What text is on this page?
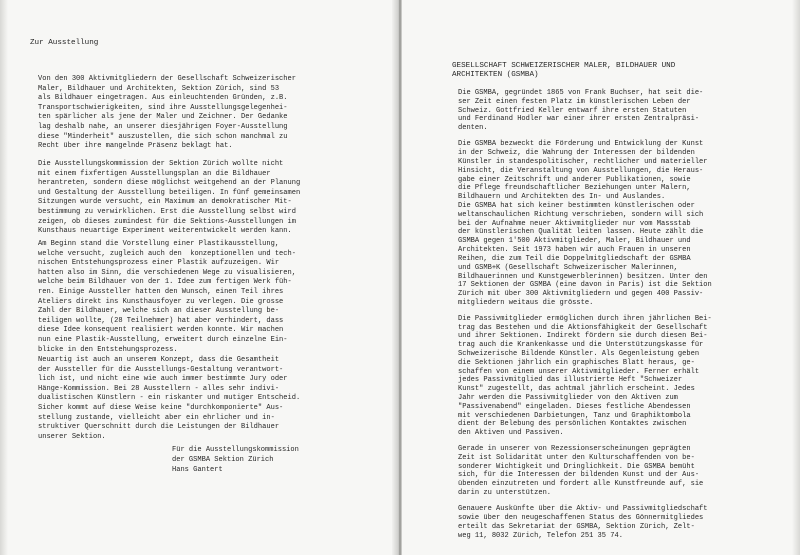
Zur Ausstellung

Von den 300 Aktivmitgliedern der Gesellschaft Schweizerischer
Maler, Bildhauer und Architekten, Sektion Zürich, sind 53
als Bildhauer eingetragen. Aus einleuchtenden Gründen, z.B.
Transportschwierigkeiten, sind ihre Ausstellungsgelegenhei-
ten spärlicher als jene der Maler und Zeichner. Der Gedanke
lag deshalb nahe, an unserer diesjährigen Foyer-Ausstellung
diese "Minderheit" auszustellen, die sich schon manchmal zu
Recht über ihre mangelnde Präsenz beklagt hat.

Die Ausstellungskommission der Sektion Zürich wollte nicht
mit einem fixfertigen Ausstellungsplan an die Bildhauer
herantreten, sondern diese möglichst weitgehend an der Planung
und Gestaltung der Ausstellung beteiligen. In fünf gemeinsamen
Sitzungen wurde versucht, ein Maximum an demokratischer Mit-
bestimmung zu verwirklichen. Erst die Ausstellung selbst wird
zeigen, ob dieses zumindest für die Sektions-Ausstellungen im
Kunsthaus neuartige Experiment weiterentwickelt werden kann.

Am Beginn stand die Vorstellung einer Plastikausstellung,
welche versucht, zugleich auch den  konzeptionellen und tech-
nischen Entstehungsprozess einer Plastik aufzuzeigen. Wir
hatten also im Sinn, die verschiedenen Wege zu visualisieren,
welche beim Bildhauer von der 1. Idee zum fertigen Werk füh-
ren. Einige Aussteller hatten den Wunsch, einen Teil ihres
Ateliers direkt ins Kunsthausfoyer zu verlegen. Die grosse
Zahl der Bildhauer, welche sich an dieser Ausstellung be-
teiligen wollte, (28 Teilnehmer) hat aber verhindert, dass
diese Idee konsequent realisiert werden konnte. Wir machen
nun eine Plastik-Ausstellung, erweitert durch einzelne Ein-
blicke in den Entstehungsprozess.

Neuartig ist auch an unserem Konzept, dass die Gesamtheit
der Aussteller für die Ausstellungs-Gestaltung verantwort-
lich ist, und nicht eine wie auch immer bestimmte Jury oder
Hänge-Kommission. Bei 28 Ausstellern - alles sehr indivi-
dualistischen Künstlern - ein riskanter und mutiger Entscheid.
Sicher kommt auf diese Weise keine "durchkomponierte" Aus-
stellung zustande, vielleicht aber ein ehrlicher und in-
struktiver Querschnitt durch die Leistungen der Bildhauer
unserer Sektion.

Für die Ausstellungskommission

der GSMBA Sektion Zürich

Hans Gantert

GESELLSCHAFT SCHWEIZERISCHER MALER, BILDHAUER UND
ARCHITEKTEN (GSMBA)

Die GSMBA, gegründet 1865 von Frank Buchser, hat seit die-
ser Zeit einen festen Platz im künstlerischen Leben der
Schweiz. Gottfried Keller entwarf ihre ersten Statuten
und Ferdinand Hodler war einer ihrer ersten Zentralpräsi-
denten.

Die GSMBA bezweckt die Förderung und Entwicklung der Kunst
in der Schweiz, die Wahrung der Interessen der bildenden
Künstler in standespolitischer, rechtlicher und materieller
Hinsicht, die Veranstaltung von Ausstellungen, die Heraus-
gabe einer Zeitschrift und anderer Publikationen, sowie
die Pflege freundschaftlicher Beziehungen unter Malern,
Bildhauern und Architekten des In- und Auslandes.
Die GSMBA hat sich keiner bestimmten künstlerischen oder
weltanschaulichen Richtung verschrieben, sondern will sich
bei der Aufnahme neuer Aktivmitglieder nur vom Massstab
der künstlerischen Qualität leiten lassen. Heute zählt die
GSMBA gegen 1'500 Aktivmitglieder, Maler, Bildhauer und
Architekten. Seit 1973 haben wir auch Frauen in unseren
Reihen, die zum Teil die Doppelmitgliedschaft der GSMBA
und GSMB+K (Gesellschaft Schweizerischer Malerinnen,
Bildhauerinnen und Kunstgewerblerinnen) besitzen. Unter den
17 Sektionen der GSMBA (eine davon in Paris) ist die Sektion
Zürich mit über 300 Aktivmitgliedern und gegen 400 Passiv-
mitgliedern weitaus die grösste.

Die Passivmitglieder ermöglichen durch ihren jährlichen Bei-
trag das Bestehen und die Aktionsfähigkeit der Gesellschaft
und ihrer Sektionen. Indirekt fördern sie durch diesen Bei-
trag auch die Krankenkasse und die Unterstützungskasse für
Schweizerische Bildende Künstler. Als Gegenleistung geben
die Sektionen jährlich ein graphisches Blatt heraus, ge-
schaffen von einem unserer Aktivmitglieder. Ferner erhält
jedes Passivmitglied das illustrierte Heft "Schweizer
Kunst" zugestellt, das achtmal jährlich erscheint. Jedes
Jahr werden die Passivmitglieder von den Aktiven zum
"Passivenabend" eingeladen. Dieses festliche Abendessen
mit verschiedenen Darbietungen, Tanz und Graphiktombola
dient der Belebung des persönlichen Kontaktes zwischen
den Aktiven und Passiven.

Gerade in unserer von Rezessionserscheinungen geprägten
Zeit ist Solidarität unter den Kulturschaffenden von be-
sonderer Wichtigkeit und Dringlichkeit. Die GSMBA bemüht
sich, für die Interessen der bildenden Kunst und der Aus-
übenden einzutreten und fordert alle Kunstfreunde auf, sie
darin zu unterstützen.

Genauere Auskünfte über die Aktiv- und Passivmitgliedschaft
sowie über den neugeschaffenen Status des Gönnermitgliedes
erteilt das Sekretariat der GSMBA, Sektion Zürich, Zelt-
weg 11, 8032 Zürich, Telefon 251 35 74.
